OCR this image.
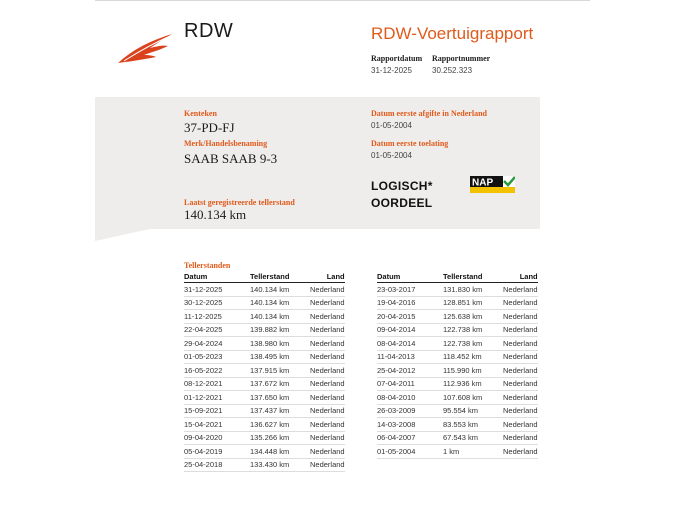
RDW	RDW-Voertuigrapport
Rapportdatum
31-12-2025
Rapportnummer
30.252.323
Kenteken
37-PD-FJ
Merk/Handelsbenaming
SAAB SAAB 9-3
Laatst geregistreerde tellerstand
140.134 km
Datum eerste afgifte in Nederland
01-05-2004
Datum eerste toelating
01-05-2004
LOGISCH*
OORDEEL
NAP
Tellerstanden
Datum	Tellerstand	Land
31-12-2025	140.134 km	Nederland
30-12-2025	140.134 km	Nederland
11-12-2025	140.134 km	Nederland
22-04-2025	139.882 km	Nederland
29-04-2024	138.980 km	Nederland
01-05-2023	138.495 km	Nederland
16-05-2022	137.915 km	Nederland
08-12-2021	137.672 km	Nederland
01-12-2021	137.650 km	Nederland
15-09-2021	137.437 km	Nederland
15-04-2021	136.627 km	Nederland
09-04-2020	135.266 km	Nederland
05-04-2019	134.448 km	Nederland
25-04-2018	133.430 km	Nederland
Datum	Tellerstand	Land
23-03-2017	131.830 km	Nederland
19-04-2016	128.851 km	Nederland
20-04-2015	125.638 km	Nederland
09-04-2014	122.738 km	Nederland
08-04-2014	122.738 km	Nederland
11-04-2013	118.452 km	Nederland
25-04-2012	115.990 km	Nederland
07-04-2011	112.936 km	Nederland
08-04-2010	107.608 km	Nederland
26-03-2009	95.554 km	Nederland
14-03-2008	83.553 km	Nederland
06-04-2007	67.543 km	Nederland
01-05-2004	1 km	Nederland
